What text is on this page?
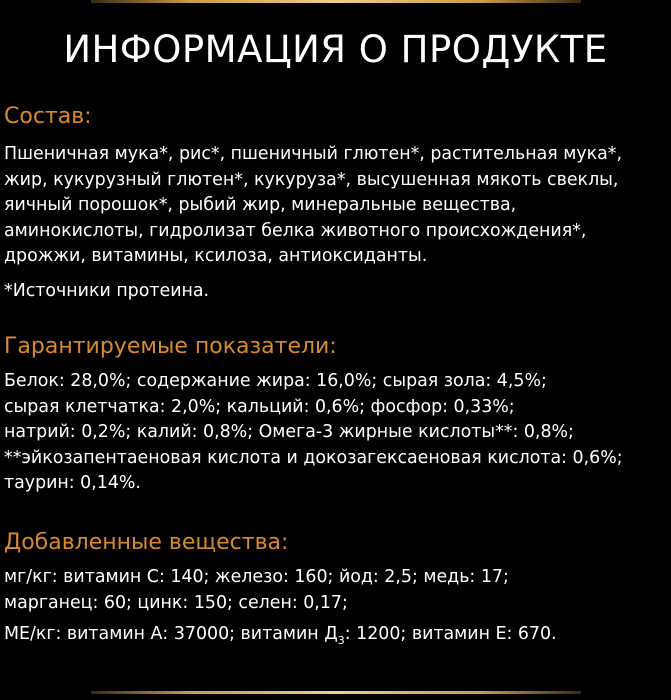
ИНФОРМАЦИЯ О ПРОДУКТЕ
Состав:
Пшеничная мука*, рис*, пшеничный глютен*, растительная мука*,
жир, кукурузный глютен*, кукуруза*, высушенная мякоть свеклы,
яичный порошок*, рыбий жир, минеральные вещества,
аминокислоты, гидролизат белка животного происхождения*,
дрожжи, витамины, ксилоза, антиоксиданты.
*Источники протеина.
Гарантируемые показатели:
Белок: 28,0%; содержание жира: 16,0%; сырая зола: 4,5%;
сырая клетчатка: 2,0%; кальций: 0,6%; фосфор: 0,33%;
натрий: 0,2%; калий: 0,8%; Омега-3 жирные кислоты**: 0,8%;
**эйкозапентаеновая кислота и докозагексаеновая кислота: 0,6%;
таурин: 0,14%.
Добавленные вещества:
мг/кг: витамин С: 140; железо: 160; йод: 2,5; медь: 17;
марганец: 60; цинк: 150; селен: 0,17;
МЕ/кг: витамин А: 37000; витамин $Д_3$: 1200; витамин Е: 670.
